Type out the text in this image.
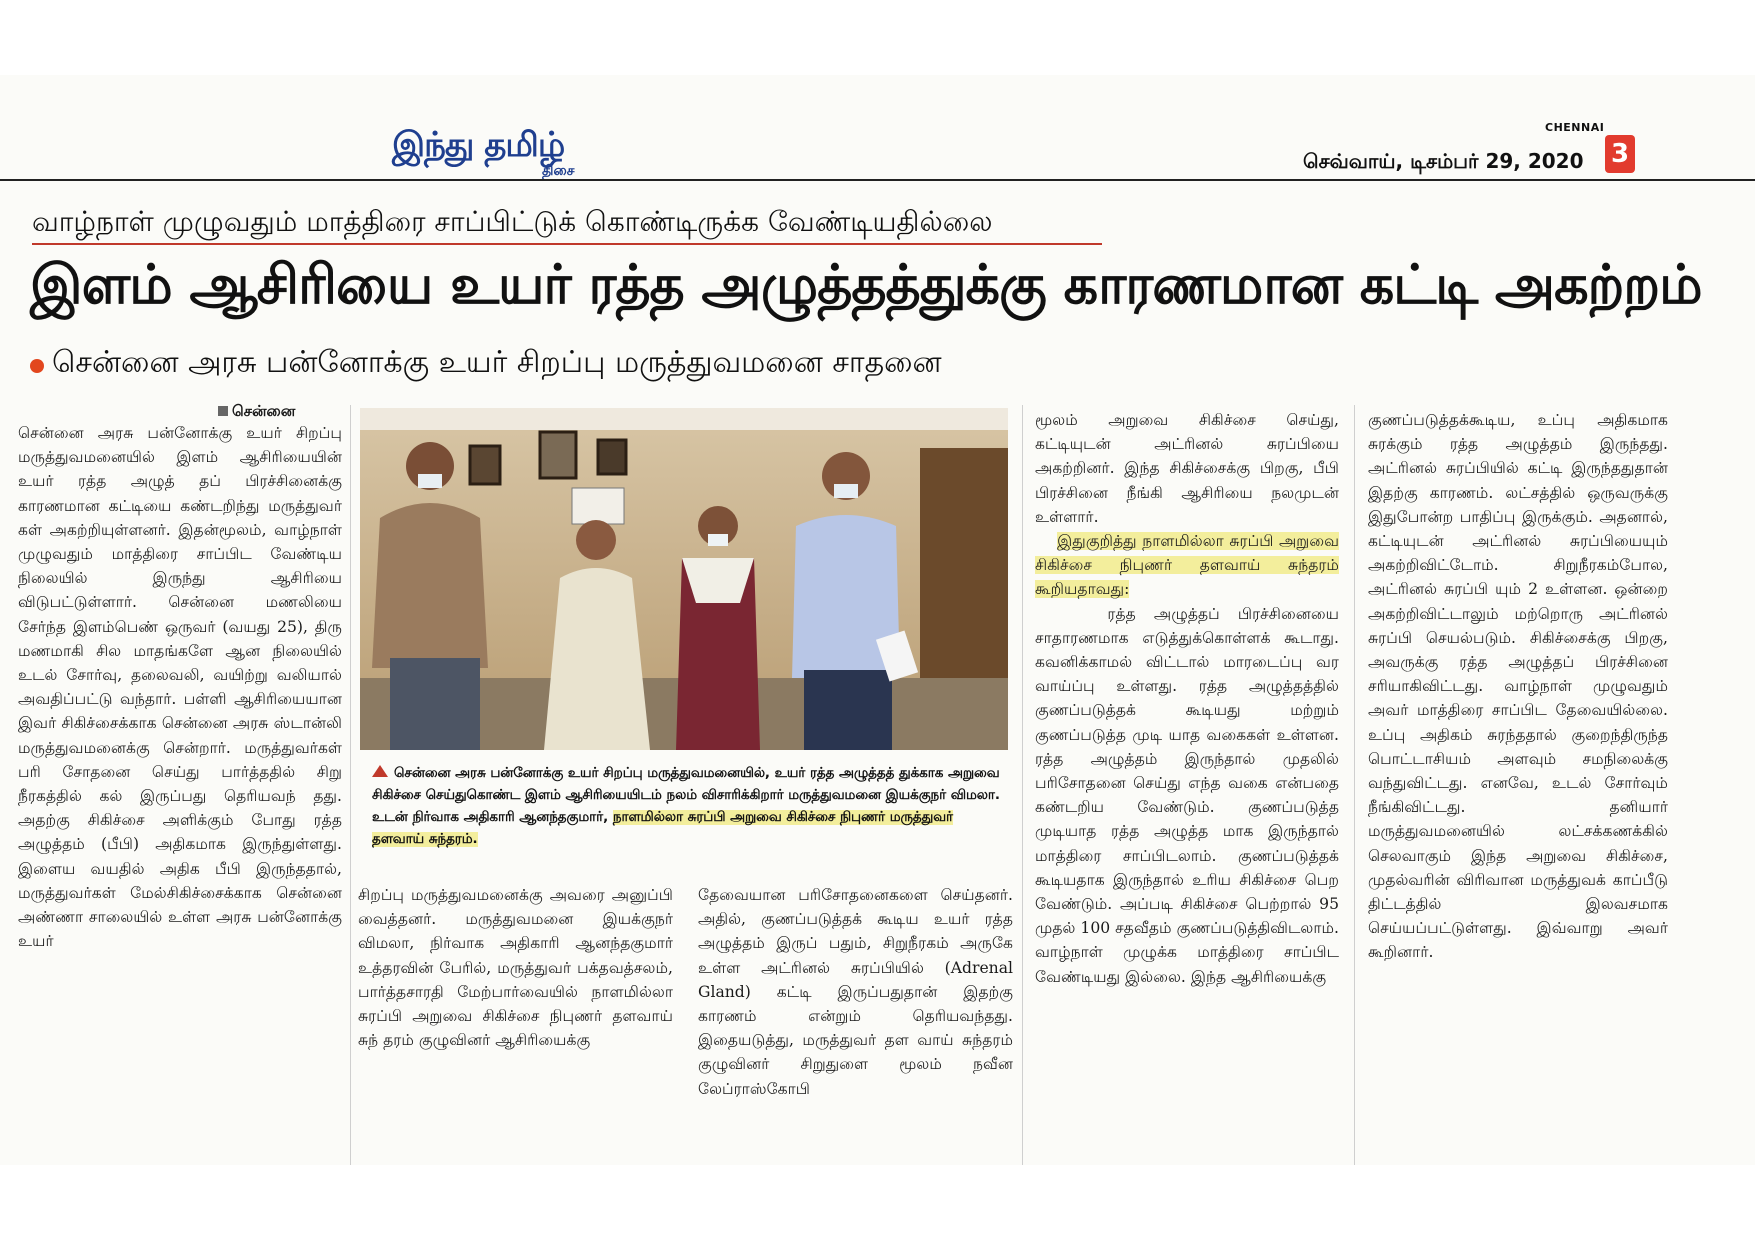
இந்து தமிழ்
திசை
CHENNAI
செவ்வாய், டிசம்பர் 29, 2020 3
வாழ்நாள் முழுவதும் மாத்திரை சாப்பிட்டுக் கொண்டிருக்க வேண்டியதில்லை
இளம் ஆசிரியை உயர் ரத்த அழுத்தத்துக்கு காரணமான கட்டி அகற்றம்
சென்னை அரசு பன்னோக்கு உயர் சிறப்பு மருத்துவமனை சாதனை
சென்னை

சென்னை அரசு பன்னோக்கு உயர் சிறப்பு மருத்துவமனையில் இளம் ஆசிரியையின் உயர் ரத்த அழுத் தப் பிரச்சினைக்கு காரணமான கட்டியை கண்டறிந்து மருத்துவர் கள் அகற்றியுள்ளனர். இதன்மூலம், வாழ்நாள் முழுவதும் மாத்திரை சாப்பிட வேண்டிய நிலையில் இருந்து ஆசிரியை விடுபட்டுள்ளார். சென்னை மணலியை சேர்ந்த இளம்பெண் ஒருவர் (வயது 25), திரு மணமாகி சில மாதங்களே ஆன நிலையில் உடல் சோர்வு, தலைவலி, வயிற்று வலியால் அவதிப்பட்டு வந்தார். பள்ளி ஆசிரியையான இவர் சிகிச்சைக்காக சென்னை அரசு ஸ்டான்லி மருத்துவமனைக்கு சென்றார். மருத்துவர்கள் பரி சோதனை செய்து பார்த்ததில் சிறு நீரகத்தில் கல் இருப்பது தெரியவந் தது. அதற்கு சிகிச்சை அளிக்கும் போது ரத்த அழுத்தம் (பீபி) அதிகமாக இருந்துள்ளது. இளைய வயதில் அதிக பீபி இருந்ததால், மருத்துவர்கள் மேல்சிகிச்சைக்காக சென்னை அண்ணா சாலையில் உள்ள அரசு பன்னோக்கு உயர்

சென்னை அரசு பன்னோக்கு உயர் சிறப்பு மருத்துவமனையில், உயர் ரத்த அழுத்தத் துக்காக அறுவை சிகிச்சை செய்துகொண்ட இளம் ஆசிரியையிடம் நலம் விசாரிக்கிறார் மருத்துவமனை இயக்குநர் விமலா. உடன் நிர்வாக அதிகாரி ஆனந்தகுமார், நாளமில்லா சுரப்பி அறுவை சிகிச்சை நிபுணர் மருத்துவர் தளவாய் சுந்தரம்.

சிறப்பு மருத்துவமனைக்கு அவரை அனுப்பி வைத்தனர். மருத்துவமனை இயக்குநர் விமலா, நிர்வாக அதிகாரி ஆனந்தகுமார் உத்தரவின் பேரில், மருத்துவர் பக்தவத்சலம், பார்த்தசாரதி மேற்பார்வையில் நாளமில்லா சுரப்பி அறுவை சிகிச்சை நிபுணர் தளவாய் சுந் தரம் குழுவினர் ஆசிரியைக்கு

தேவையான பரிசோதனைகளை செய்தனர். அதில், குணப்படுத்தக் கூடிய உயர் ரத்த அழுத்தம் இருப் பதும், சிறுநீரகம் அருகே உள்ள அட்ரினல் சுரப்பியில் (Adrenal Gland) கட்டி இருப்பதுதான் இதற்கு காரணம் என்றும் தெரியவந்தது. இதையடுத்து, மருத்துவர் தள வாய் சுந்தரம் குழுவினர் சிறுதுளை மூலம் நவீன லேப்ராஸ்கோபி

மூலம் அறுவை சிகிச்சை செய்து, கட்டியுடன் அட்ரினல் சுரப்பியை அகற்றினர். இந்த சிகிச்சைக்கு பிறகு, பீபி பிரச்சினை நீங்கி ஆசிரியை நலமுடன் உள்ளார்.

இதுகுறித்து நாளமில்லா சுரப்பி அறுவை சிகிச்சை நிபுணர் தளவாய் சுந்தரம் கூறியதாவது:

ரத்த அழுத்தப் பிரச்சினையை சாதாரணமாக எடுத்துக்கொள்ளக் கூடாது. கவனிக்காமல் விட்டால் மாரடைப்பு வர வாய்ப்பு உள்ளது. ரத்த அழுத்தத்தில் குணப்படுத்தக் கூடியது மற்றும் குணப்படுத்த முடி யாத வகைகள் உள்ளன. ரத்த அழுத்தம் இருந்தால் முதலில் பரிசோதனை செய்து எந்த வகை என்பதை கண்டறிய வேண்டும். குணப்படுத்த முடியாத ரத்த அழுத்த மாக இருந்தால் மாத்திரை சாப்பிடலாம். குணப்படுத்தக் கூடியதாக இருந்தால் உரிய சிகிச்சை பெற வேண்டும். அப்படி சிகிச்சை பெற்றால் 95 முதல் 100 சதவீதம் குணப்படுத்திவிடலாம். வாழ்நாள் முழுக்க மாத்திரை சாப்பிட வேண்டியது இல்லை. இந்த ஆசிரியைக்கு

குணப்படுத்தக்கூடிய, உப்பு அதிகமாக சுரக்கும் ரத்த அழுத்தம் இருந்தது. அட்ரினல் சுரப்பியில் கட்டி இருந்ததுதான் இதற்கு காரணம். லட்சத்தில் ஒருவருக்கு இதுபோன்ற பாதிப்பு இருக்கும். அதனால், கட்டியுடன் அட்ரினல் சுரப்பியையும் அகற்றிவிட்டோம். சிறுநீரகம்போல, அட்ரினல் சுரப்பி யும் 2 உள்ளன. ஒன்றை அகற்றிவிட்டாலும் மற்றொரு அட்ரினல் சுரப்பி செயல்படும். சிகிச்சைக்கு பிறகு, அவருக்கு ரத்த அழுத்தப் பிரச்சினை சரியாகிவிட்டது. வாழ்நாள் முழுவதும் அவர் மாத்திரை சாப்பிட தேவையில்லை. உப்பு அதிகம் சுரந்ததால் குறைந்திருந்த பொட்டாசியம் அளவும் சமநிலைக்கு வந்துவிட்டது. எனவே, உடல் சோர்வும் நீங்கிவிட்டது. தனியார் மருத்துவமனையில் லட்சக்கணக்கில் செலவாகும் இந்த அறுவை சிகிச்சை, முதல்வரின் விரிவான மருத்துவக் காப்பீடு திட்டத்தில் இலவசமாக செய்யப்பட்டுள்ளது. இவ்வாறு அவர் கூறினார்.
